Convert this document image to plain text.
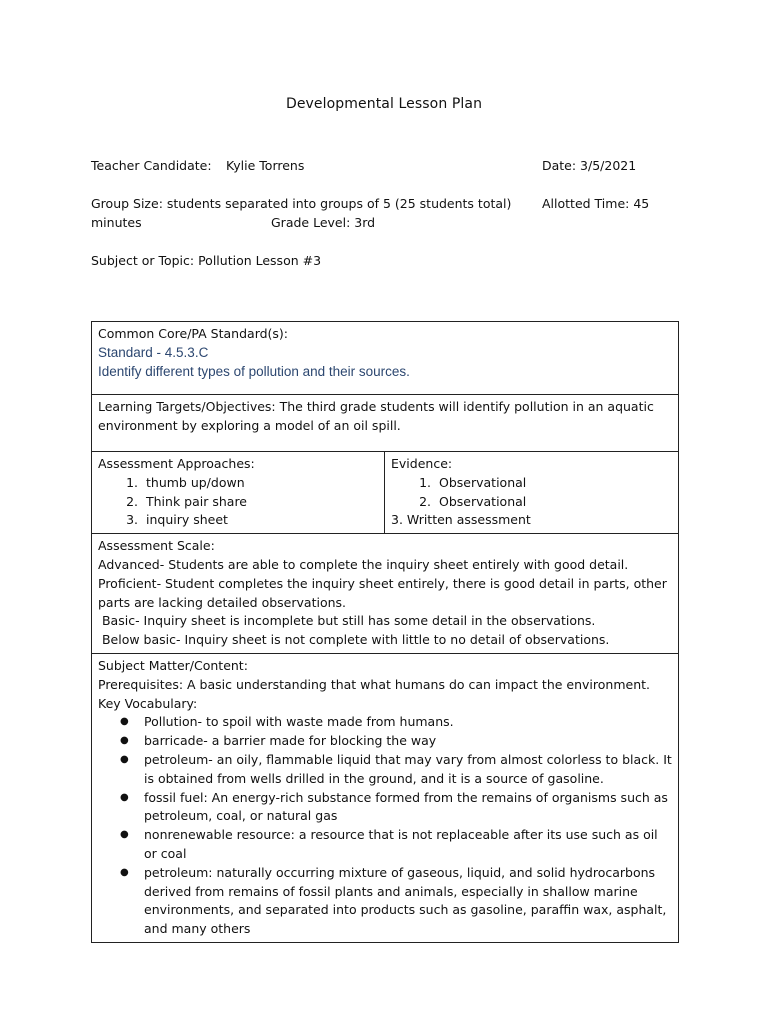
Developmental Lesson Plan
Teacher Candidate: Kylie Torrens	Date: 3/5/2021
Group Size: students separated into groups of 5 (25 students total) Allotted Time: 45
minutes	Grade Level: 3rd
Subject or Topic: Pollution Lesson #3
Common Core/PA Standard(s):
Standard - 4.5.3.C
Identify different types of pollution and their sources.

Learning Targets/Objectives: The third grade students will identify pollution in an aquatic
environment by exploring a model of an oil spill.

Assessment Approaches:
1. thumb up/down
2. Think pair share
3. inquiry sheet

Evidence:
1. Observational
2. Observational
3. Written assessment

Assessment Scale:
Advanced- Students are able to complete the inquiry sheet entirely with good detail.
Proficient- Student completes the inquiry sheet entirely, there is good detail in parts, other
parts are lacking detailed observations.
Basic- Inquiry sheet is incomplete but still has some detail in the observations.
Below basic- Inquiry sheet is not complete with little to no detail of observations.

Subject Matter/Content:
Prerequisites: A basic understanding that what humans do can impact the environment.
Key Vocabulary:
● Pollution- to spoil with waste made from humans.
● barricade- a barrier made for blocking the way
● petroleum- an oily, flammable liquid that may vary from almost colorless to black. It is obtained from wells drilled in the ground, and it is a source of gasoline.
● fossil fuel: An energy-rich substance formed from the remains of organisms such as petroleum, coal, or natural gas
● nonrenewable resource: a resource that is not replaceable after its use such as oil or coal
● petroleum: naturally occurring mixture of gaseous, liquid, and solid hydrocarbons derived from remains of fossil plants and animals, especially in shallow marine environments, and separated into products such as gasoline, paraffin wax, asphalt, and many others
